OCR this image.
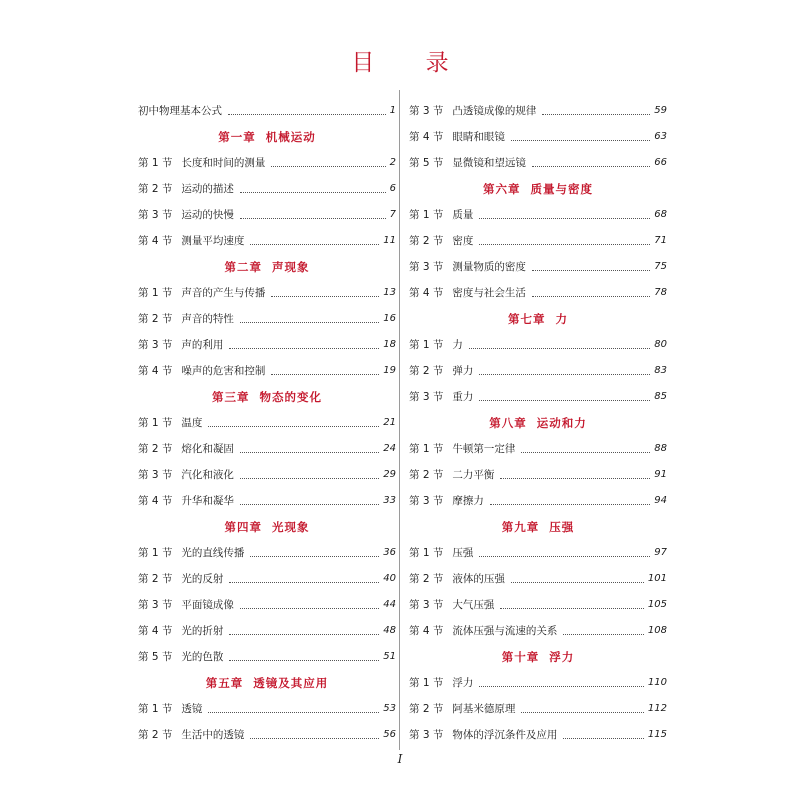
目 录
初中物理基本公式	1
第一章 机械运动
第 1 节 长度和时间的测量	2
第 2 节 运动的描述	6
第 3 节 运动的快慢	7
第 4 节 测量平均速度	11
第二章 声现象
第 1 节 声音的产生与传播	13
第 2 节 声音的特性	16
第 3 节 声的利用	18
第 4 节 噪声的危害和控制	19
第三章 物态的变化
第 1 节 温度	21
第 2 节 熔化和凝固	24
第 3 节 汽化和液化	29
第 4 节 升华和凝华	33
第四章 光现象
第 1 节 光的直线传播	36
第 2 节 光的反射	40
第 3 节 平面镜成像	44
第 4 节 光的折射	48
第 5 节 光的色散	51
第五章 透镜及其应用
第 1 节 透镜	53
第 2 节 生活中的透镜	56
第 3 节 凸透镜成像的规律	59
第 4 节 眼睛和眼镜	63
第 5 节 显微镜和望远镜	66
第六章 质量与密度
第 1 节 质量	68
第 2 节 密度	71
第 3 节 测量物质的密度	75
第 4 节 密度与社会生活	78
第七章 力
第 1 节 力	80
第 2 节 弹力	83
第 3 节 重力	85
第八章 运动和力
第 1 节 牛顿第一定律	88
第 2 节 二力平衡	91
第 3 节 摩擦力	94
第九章 压强
第 1 节 压强	97
第 2 节 液体的压强	101
第 3 节 大气压强	105
第 4 节 流体压强与流速的关系	108
第十章 浮力
第 1 节 浮力	110
第 2 节 阿基米德原理	112
第 3 节 物体的浮沉条件及应用	115
I
